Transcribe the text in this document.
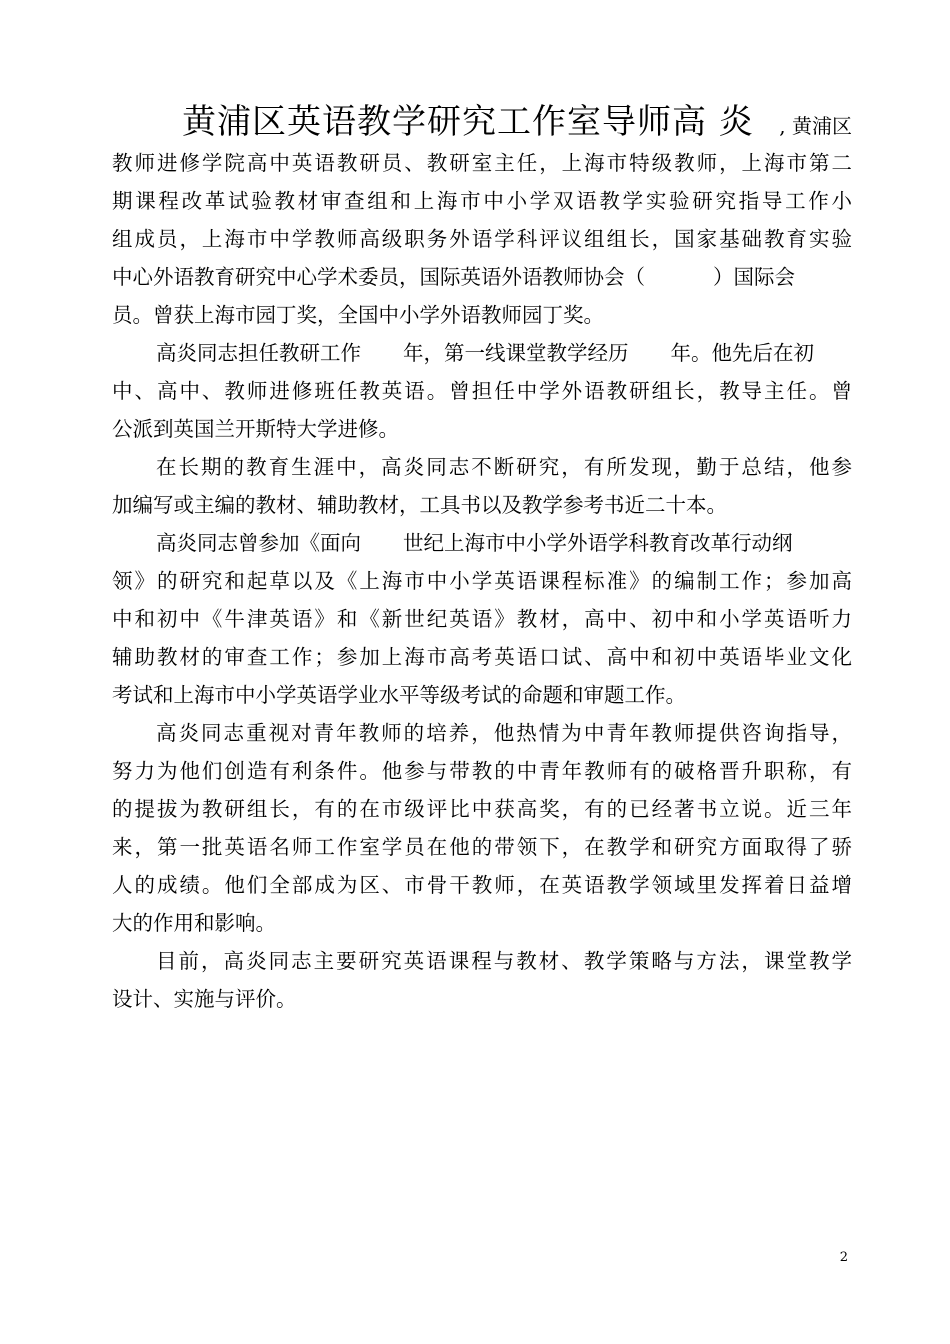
黄浦区英语教学研究工作室导师高 炎 , 黄浦区
教师进修学院高中英语教研员、教研室主任，上海市特级教师，上海市第二
期课程改革试验教材审查组和上海市中小学双语教学实验研究指导工作小
组成员，上海市中学教师高级职务外语学科评议组组长，国家基础教育实验
中心外语教育研究中心学术委员，国际英语外语教师协会（	）国际会
员。曾获上海市园丁奖，全国中小学外语教师园丁奖。
高炎同志担任教研工作 年，第一线课堂教学经历 年。他先后在初
中、高中、教师进修班任教英语。曾担任中学外语教研组长，教导主任。曾
公派到英国兰开斯特大学进修。
在长期的教育生涯中，高炎同志不断研究，有所发现，勤于总结，他参
加编写或主编的教材、辅助教材，工具书以及教学参考书近二十本。
高炎同志曾参加《面向 世纪上海市中小学外语学科教育改革行动纲
领》的研究和起草以及《上海市中小学英语课程标准》的编制工作；参加高
中和初中《牛津英语》和《新世纪英语》教材，高中、初中和小学英语听力
辅助教材的审查工作；参加上海市高考英语口试、高中和初中英语毕业文化
考试和上海市中小学英语学业水平等级考试的命题和审题工作。
高炎同志重视对青年教师的培养，他热情为中青年教师提供咨询指导，
努力为他们创造有利条件。他参与带教的中青年教师有的破格晋升职称，有
的提拔为教研组长，有的在市级评比中获高奖，有的已经著书立说。近三年
来，第一批英语名师工作室学员在他的带领下，在教学和研究方面取得了骄
人的成绩。他们全部成为区、市骨干教师，在英语教学领域里发挥着日益增
大的作用和影响。
目前，高炎同志主要研究英语课程与教材、教学策略与方法，课堂教学
设计、实施与评价。
2
